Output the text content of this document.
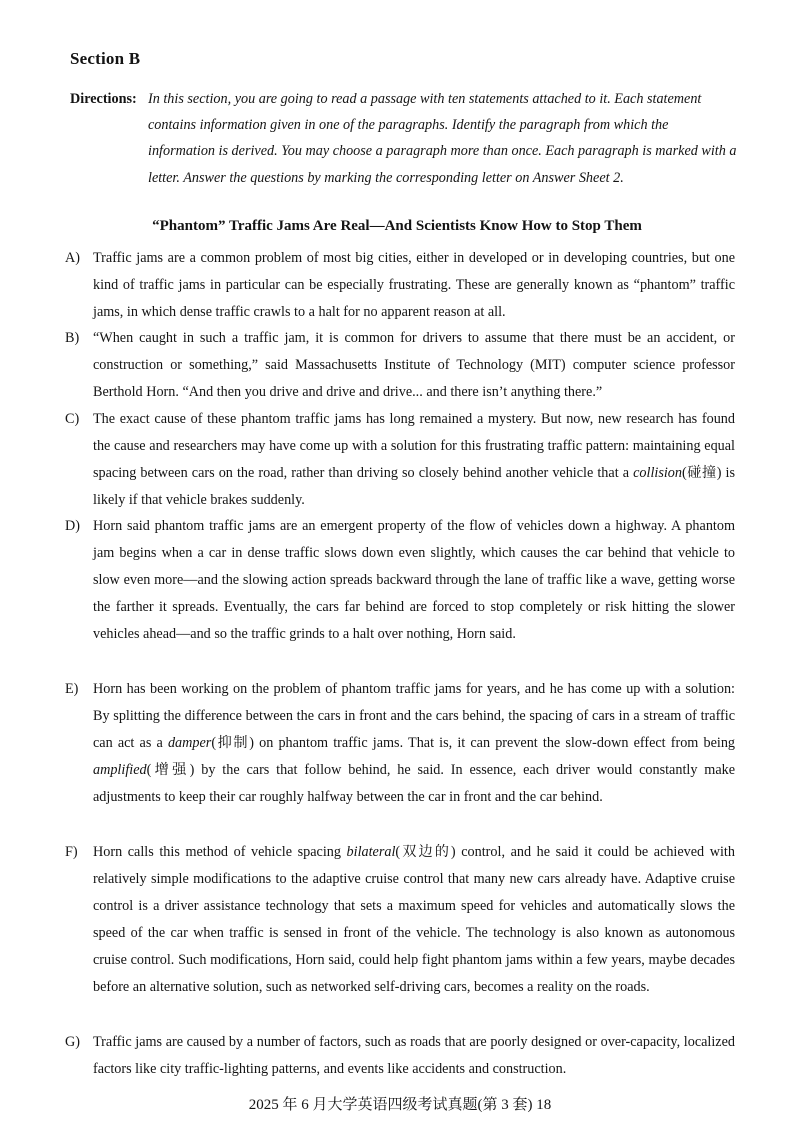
Section B
Directions: In this section, you are going to read a passage with ten statements attached to it. Each statement contains information given in one of the paragraphs. Identify the paragraph from which the information is derived. You may choose a paragraph more than once. Each paragraph is marked with a letter. Answer the questions by marking the corresponding letter on Answer Sheet 2.
“Phantom” Traffic Jams Are Real—And Scientists Know How to Stop Them

A) Traffic jams are a common problem of most big cities, either in developed or in developing countries, but one kind of traffic jams in particular can be especially frustrating. These are generally known as “phantom” traffic jams, in which dense traffic crawls to a halt for no apparent reason at all.

B) “When caught in such a traffic jam, it is common for drivers to assume that there must be an accident, or construction or something,” said Massachusetts Institute of Technology (MIT) computer science professor Berthold Horn. “And then you drive and drive and drive... and there isn’t anything there.”

C) The exact cause of these phantom traffic jams has long remained a mystery. But now, new research has found the cause and researchers may have come up with a solution for this frustrating traffic pattern: maintaining equal spacing between cars on the road, rather than driving so closely behind another vehicle that a collision(碰撞) is likely if that vehicle brakes suddenly.

D) Horn said phantom traffic jams are an emergent property of the flow of vehicles down a highway. A phantom jam begins when a car in dense traffic slows down even slightly, which causes the car behind that vehicle to slow even more—and the slowing action spreads backward through the lane of traffic like a wave, getting worse the farther it spreads. Eventually, the cars far behind are forced to stop completely or risk hitting the slower vehicles ahead—and so the traffic grinds to a halt over nothing, Horn said.

E) Horn has been working on the problem of phantom traffic jams for years, and he has come up with a solution: By splitting the difference between the cars in front and the cars behind, the spacing of cars in a stream of traffic can act as a damper(抑制) on phantom traffic jams. That is, it can prevent the slow-down effect from being amplified(增强) by the cars that follow behind, he said. In essence, each driver would constantly make adjustments to keep their car roughly halfway between the car in front and the car behind.

F) Horn calls this method of vehicle spacing bilateral(双边的) control, and he said it could be achieved with relatively simple modifications to the adaptive cruise control that many new cars already have. Adaptive cruise control is a driver assistance technology that sets a maximum speed for vehicles and automatically slows the speed of the car when traffic is sensed in front of the vehicle. The technology is also known as autonomous cruise control. Such modifications, Horn said, could help fight phantom jams within a few years, maybe decades before an alternative solution, such as networked self-driving cars, becomes a reality on the roads.

G) Traffic jams are caused by a number of factors, such as roads that are poorly designed or over-capacity, localized factors like city traffic-lighting patterns, and events like accidents and construction.

2025 年 6 月大学英语四级考试真题(第 3 套) 18
